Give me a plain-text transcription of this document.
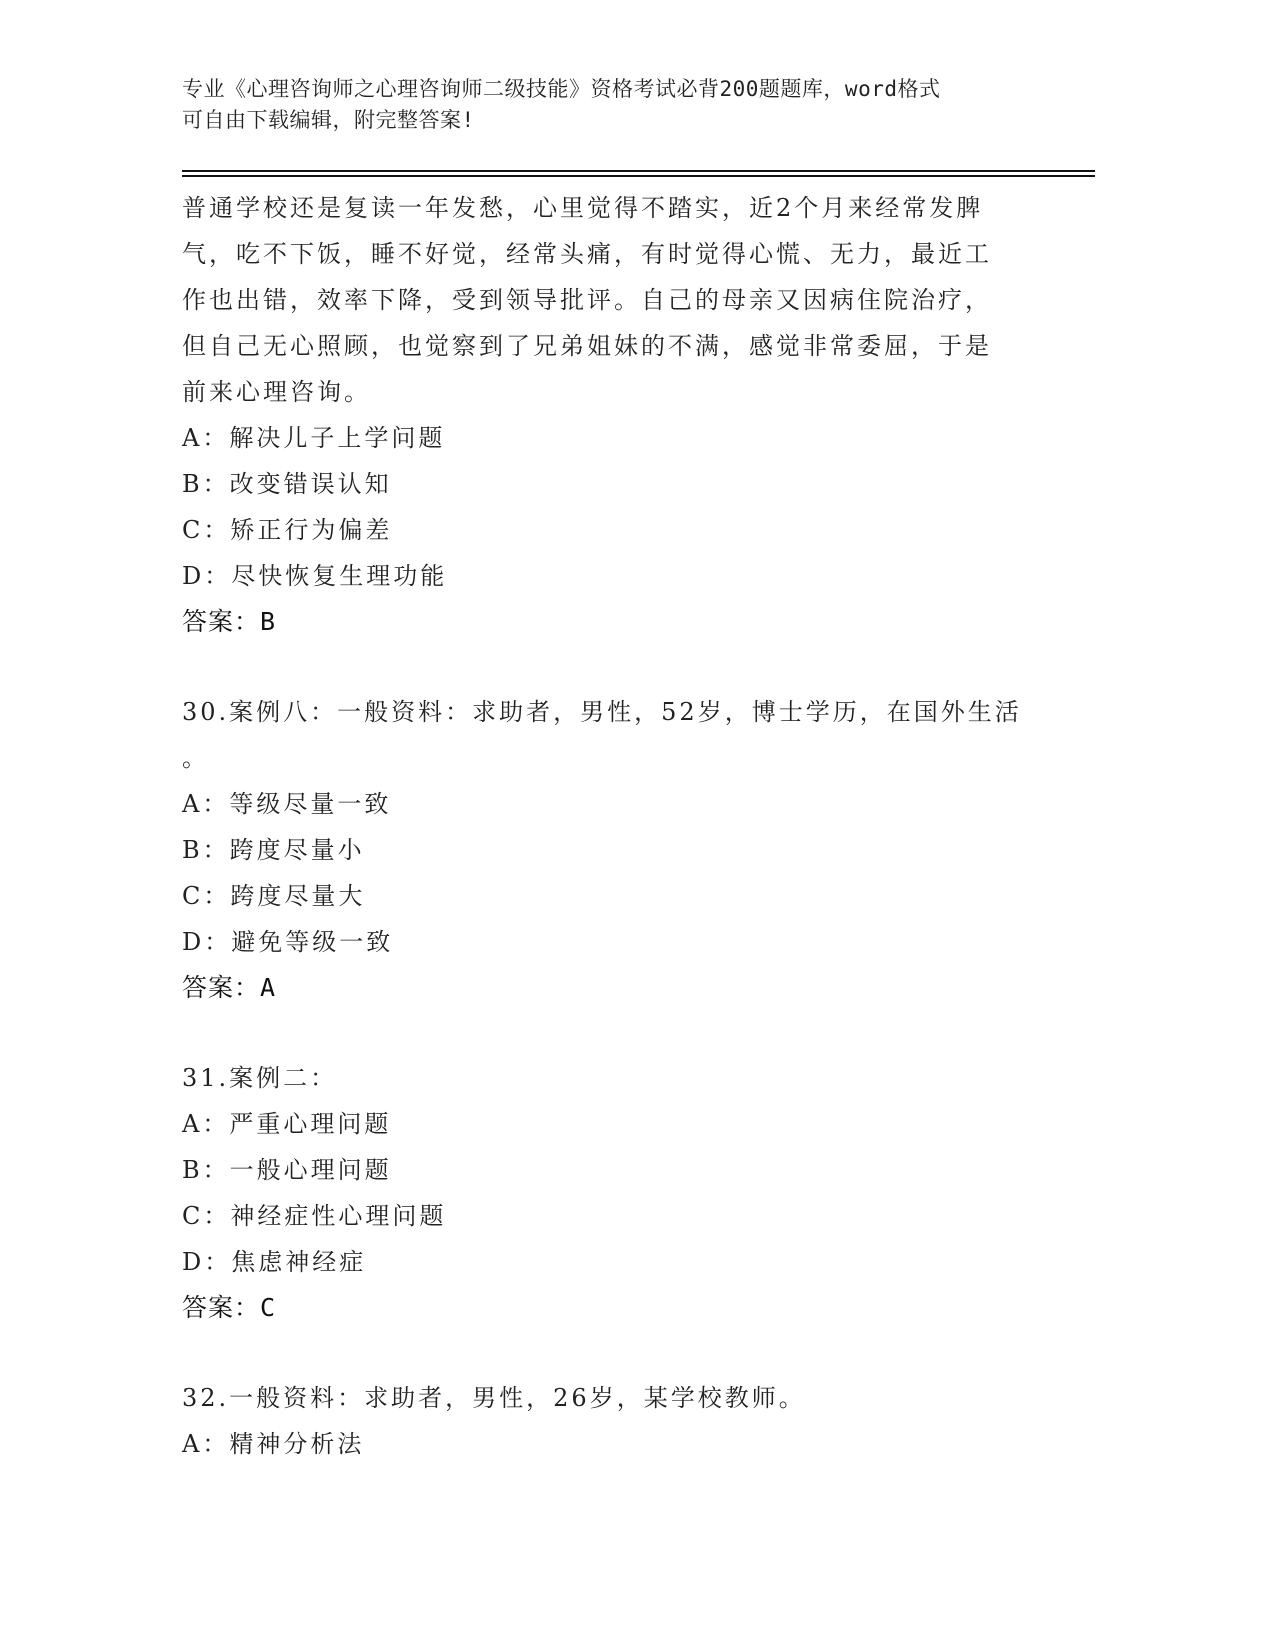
专业《心理咨询师之心理咨询师二级技能》资格考试必背200题题库，word格式
可自由下载编辑，附完整答案!
普通学校还是复读一年发愁，心里觉得不踏实，近2个月来经常发脾
气，吃不下饭，睡不好觉，经常头痛，有时觉得心慌、无力，最近工
作也出错，效率下降，受到领导批评。自己的母亲又因病住院治疗，
但自己无心照顾，也觉察到了兄弟姐妹的不满，感觉非常委屈，于是
前来心理咨询。
A：解决儿子上学问题
B：改变错误认知
C：矫正行为偏差
D：尽快恢复生理功能
答案：B
30.案例八：一般资料：求助者，男性，52岁，博士学历，在国外生活
。
A：等级尽量一致
B：跨度尽量小
C：跨度尽量大
D：避免等级一致
答案：A
31.案例二：
A：严重心理问题
B：一般心理问题
C：神经症性心理问题
D：焦虑神经症
答案：C
32.一般资料：求助者，男性，26岁，某学校教师。
A：精神分析法
